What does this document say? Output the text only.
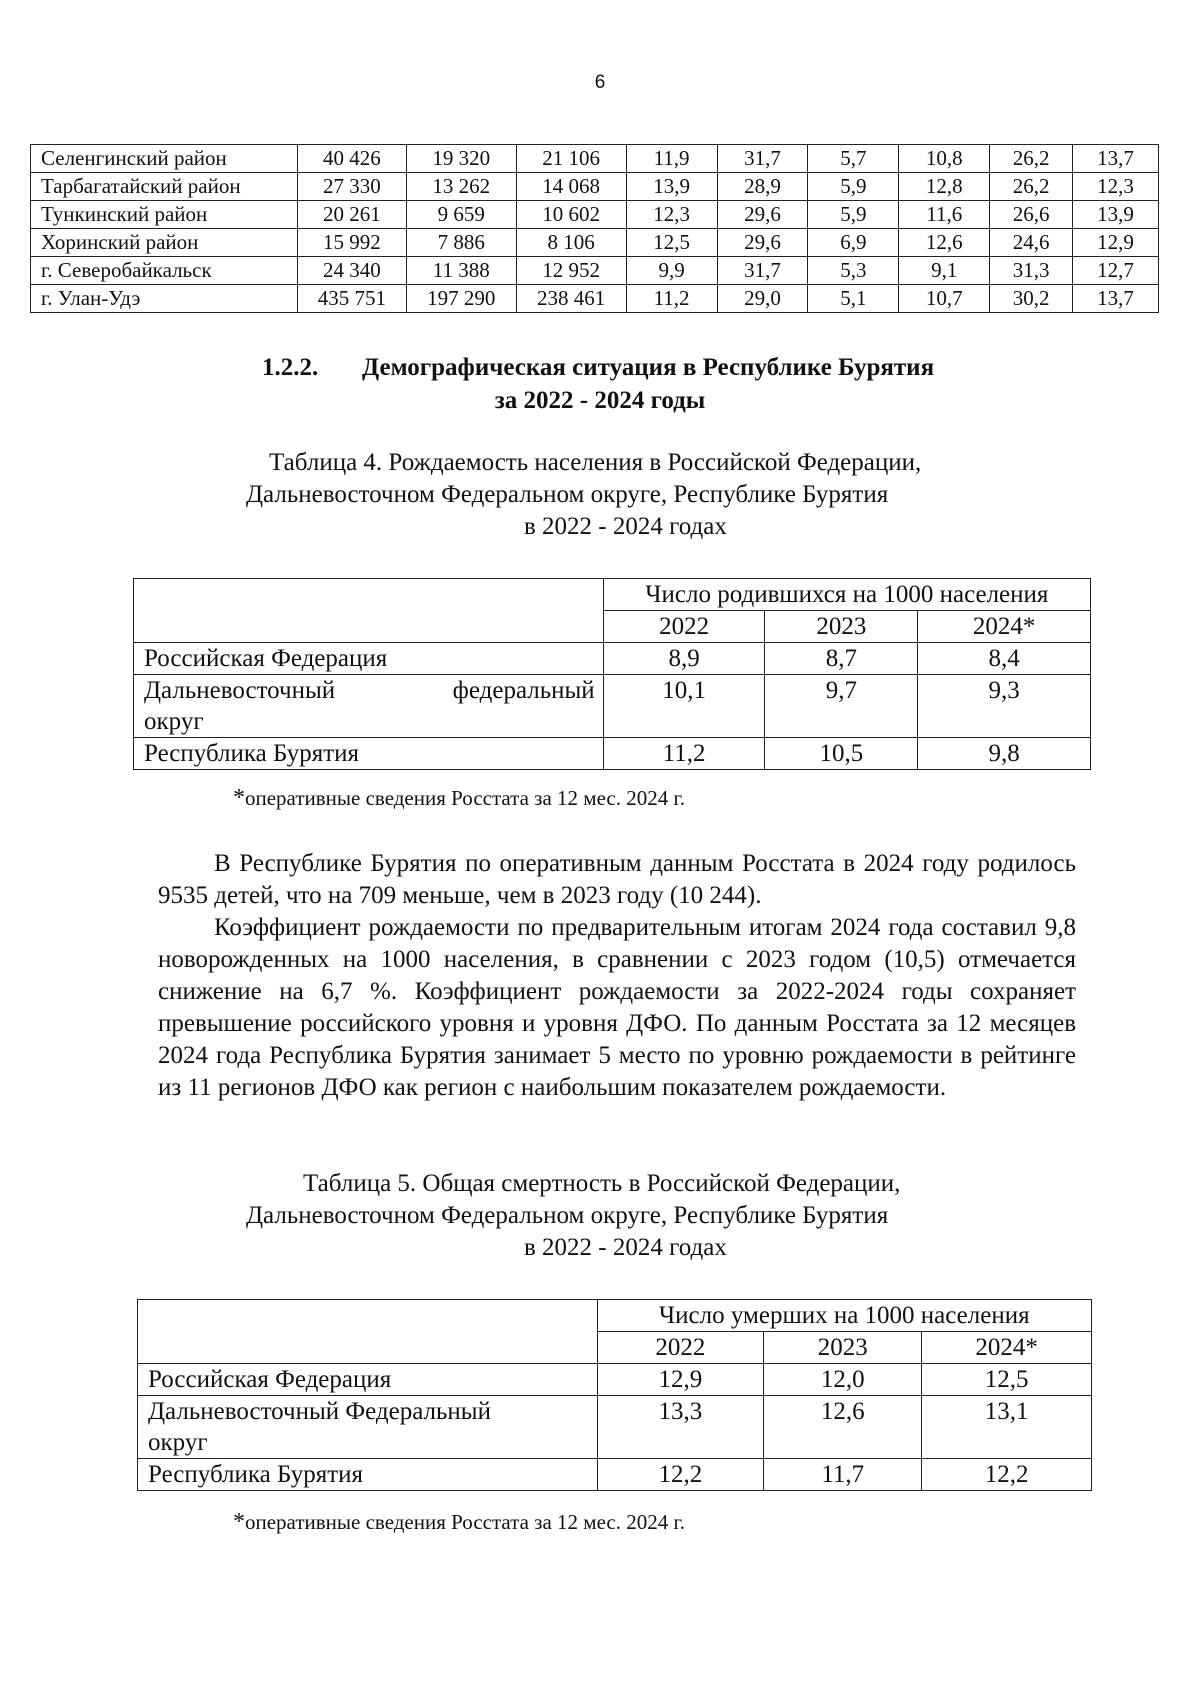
6
Селенгинский район	40 426	19 320	21 106	11,9	31,7	5,7	10,8	26,2	13,7
Тарбагатайский район	27 330	13 262	14 068	13,9	28,9	5,9	12,8	26,2	12,3
Тункинский район	20 261	9 659	10 602	12,3	29,6	5,9	11,6	26,6	13,9
Хоринский район	15 992	7 886	8 106	12,5	29,6	6,9	12,6	24,6	12,9
г. Северобайкальск	24 340	11 388	12 952	9,9	31,7	5,3	9,1	31,3	12,7
г. Улан-Удэ	435 751	197 290	238 461	11,2	29,0	5,1	10,7	30,2	13,7
1.2.2. Демографическая ситуация в Республике Бурятия
за 2022 - 2024 годы
Таблица 4. Рождаемость населения в Российской Федерации,
Дальневосточном Федеральном округе, Республике Бурятия
в 2022 - 2024 годах
	Число родившихся на 1000 населения		
	2022	2023	2024*
Российская Федерация	8,9	8,7	8,4

Дальневосточный федеральный
округ	10,1	9,7	9,3
Республика Бурятия	11,2	10,5	9,8
*оперативные сведения Росстата за 12 мес. 2024 г.

В Республике Бурятия по оперативным данным Росстата в 2024 году родилось 9535 детей, что на 709 меньше, чем в 2023 году (10 244).

Коэффициент рождаемости по предварительным итогам 2024 года составил 9,8 новорожденных на 1000 населения, в сравнении с 2023 годом (10,5) отмечается снижение на 6,7 %. Коэффициент рождаемости за 2022-2024 годы сохраняет превышение российского уровня и уровня ДФО. По данным Росстата за 12 месяцев 2024 года Республика Бурятия занимает 5 место по уровню рождаемости в рейтинге из 11 регионов ДФО как регион с наибольшим показателем рождаемости.

Таблица 5. Общая смертность в Российской Федерации,
Дальневосточном Федеральном округе, Республике Бурятия
в 2022 - 2024 годах
	Число умерших на 1000 населения		
	2022	2023	2024*
Российская Федерация	12,9	12,0	12,5

Дальневосточный Федеральный
округ	13,3	12,6	13,1
Республика Бурятия	12,2	11,7	12,2
*оперативные сведения Росстата за 12 мес. 2024 г.
